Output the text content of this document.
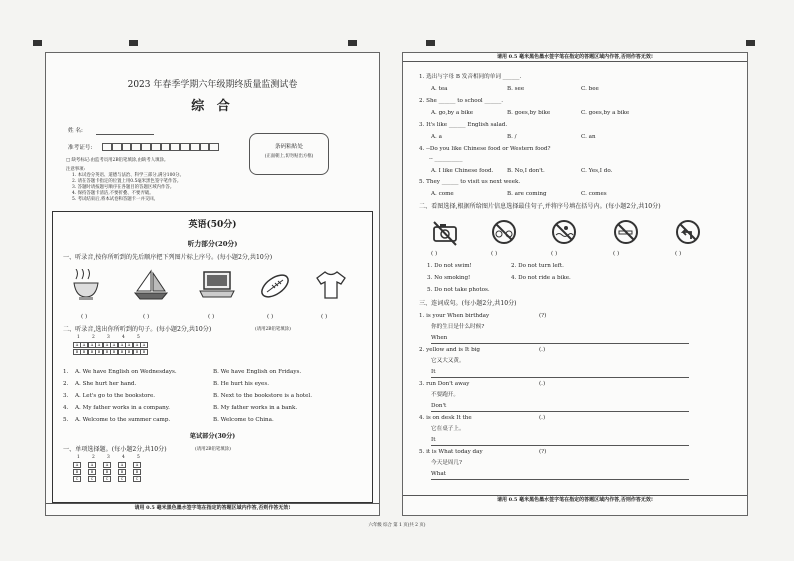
2023 年春季学期六年级期终质量监测试卷
综 合
姓 名:
准考证号:	条码粘贴处
(正面朝上,切勿贴出方框)
□ 缺考标记:由监考员用2B铅笔填涂,由缺考人填涂。
注意事项:
1. 本试卷分英语、道德与法治、科学三部分,满分100分。
2. 请在答题卡指定的位置上用0.5毫米黑色签字笔作答。
3. 答题时请按题号顺序在各题目的答题区域内作答。
4. 保持答题卡清洁,不要折叠、不要弄破。
5. 考试结束后,将本试卷和答题卡一并交回。
英语(50分)
听力部分(20分)
一、听录音,按你所听到的先后顺序把下列图片标上序号。(每小题2分,共10分)
( )	( )	( )	( )	( )
二、听录音,选出你所听到的句子。(每小题2分,共10分)	(请用2B铅笔填涂)
1	2	3	4	5
A	A	A	A	A	A	A	A	A	A
B	B	B	B	B	B	B	B	B	B
1. A. We have English on Wednesdays.	B. We have English on Fridays.
2. A. She hurt her hand.	B. He hurt his eyes.
3. A. Let's go to the bookstore.	B. Next to the bookstore is a hotel.
4. A. My father works in a company.	B. My father works in a bank.
5. A. Welcome to the summer camp.	B. Welcome to China.
笔试部分(30分)
一、单项选择题。(每小题2分,共10分)	(请用2B铅笔填涂)
1	2	3	4	5
A	A	A	A	A
B	B	B	B	B
C	C	C	C	C
请用 0.5 毫米黑色墨水签字笔在指定的答题区域内作答,否则作答无效!
请用 0.5 毫米黑色墨水签字笔在指定的答题区域内作答,否则作答无效!
1. 选出与字母 B 发音相同的单词 ______.
A. tea	B. see	C. bee
2. She ______ to school ______.
A. go,by a bike	B. goes,by bike	C. goes,by a bike
3. It's like ______ English salad.
A. a	B. /	C. an
4. --Do you like Chinese food or Western food?
-- __________
A. I like Chinese food. B. No,I don't.	C. Yes,I do.
5. They ______ to visit us next week.
A. come	B. are coming	C. comes
二、看图选择,根据所给图片信息选择最佳句子,并将序号填在括号内。(每小题2分,共10分)
( )	( )	( )	( )	( )
1. Do not swim!	2. Do not turn left.
3. No smoking!	4. Do not ride a bike.
5. Do not take photos.
三、连词成句。(每小题2分,共10分)
1. is your When birthday	(?)
你的生日是什么时候?
When
2. yellow and is It big	(.)
它又大又黄。
It
3. run Don't away	(.)
不要跑开。
Don't
4. is on desk It the	(.)
它在桌子上。
It
5. it is What today day	(?)
今天是周几?
What
请用 0.5 毫米黑色墨水签字笔在指定的答题区域内作答,否则作答无效!
六年级 综合 第 1 页(共 2 页)
